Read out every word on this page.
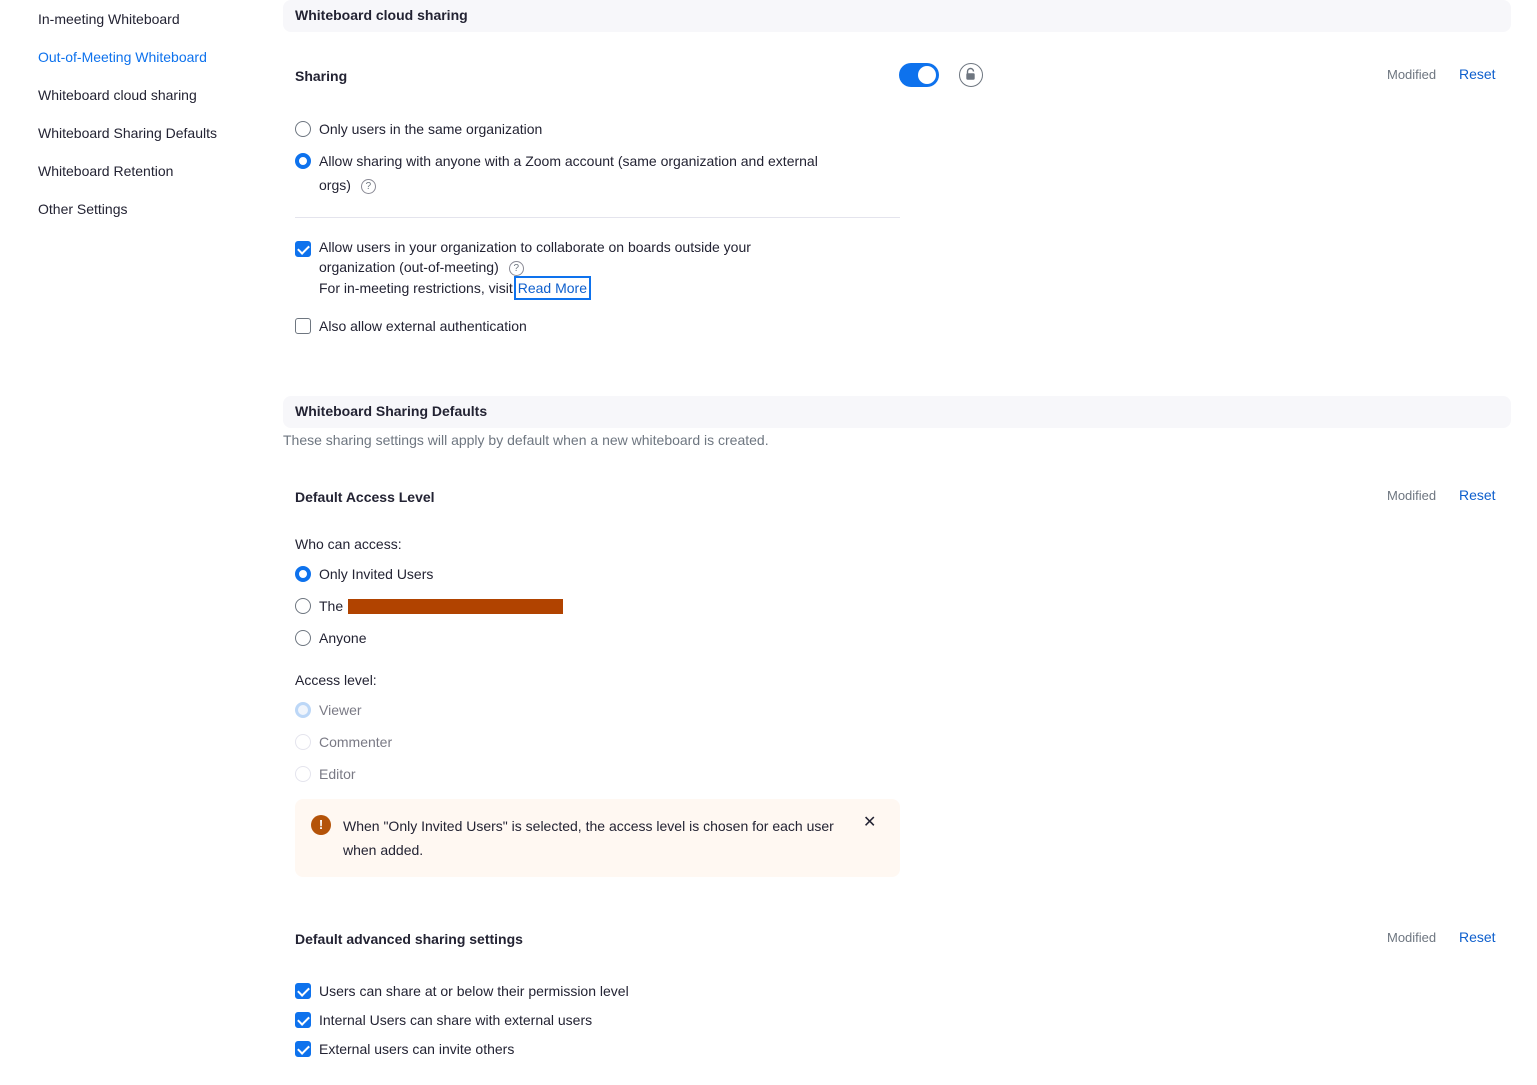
In-meeting Whiteboard
Out-of-Meeting Whiteboard
Whiteboard cloud sharing
Whiteboard Sharing Defaults
Whiteboard Retention
Other Settings
Whiteboard cloud sharing
Sharing	Modified Reset
Only users in the same organization
Allow sharing with anyone with a Zoom account (same organization and external
orgs) ?
Allow users in your organization to collaborate on boards outside your
organization (out-of-meeting) ?
For in-meeting restrictions, visit Read More
Also allow external authentication
Whiteboard Sharing Defaults
These sharing settings will apply by default when a new whiteboard is created.
Default Access Level	Modified Reset
Who can access:
Only Invited Users
The
Anyone
Access level:
Viewer
Commenter
Editor
!	When "Only Invited Users" is selected, the access level is chosen for each user when added.
✕
Default advanced sharing settings	Modified Reset
Users can share at or below their permission level
Internal Users can share with external users
External users can invite others
